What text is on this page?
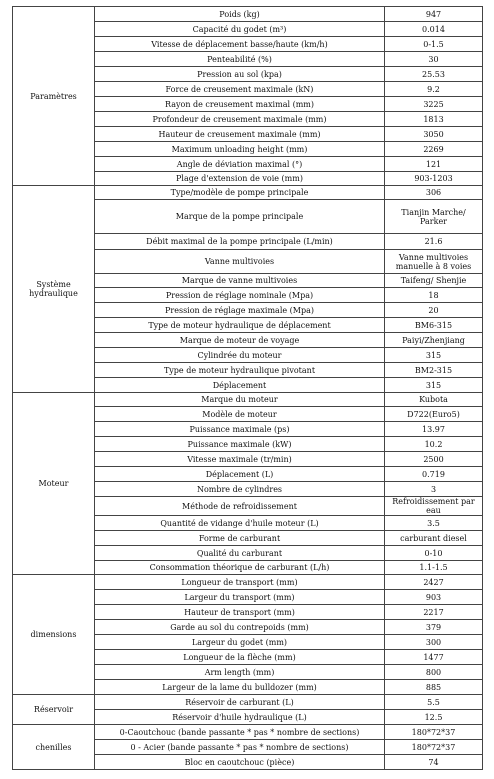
Paramètres	Poids (kg)	947
	Capacité du godet (m³)	0.014
	Vitesse de déplacement basse/haute (km/h)	0-1.5
	Penteabilité (%)	30
	Pression au sol (kpa)	25.53
	Force de creusement maximale (kN)	9.2
	Rayon de creusement maximal (mm)	3225
	Profondeur de creusement maximale (mm)	1813
	Hauteur de creusement maximale (mm)	3050
	Maximum unloading height (mm)	2269
	Angle de déviation maximal (°)	121
	Plage d'extension de voie (mm)	903-1203
Système hydraulique	Type/modèle de pompe principale	306
	Marque de la pompe principale	Tianjin Marche/ Parker
	Débit maximal de la pompe principale (L/min)	21.6
	Vanne multivoies	Vanne multivoies manuelle à 8 voies
	Marque de vanne multivoies	Taifeng/ Shenjie
	Pression de réglage nominale (Mpa)	18
	Pression de réglage maximale (Mpa)	20
	Type de moteur hydraulique de déplacement	BM6-315
	Marque de moteur de voyage	Paiyi/Zhenjiang
	Cylindrée du moteur	315
	Type de moteur hydraulique pivotant	BM2-315
	Déplacement	315
Moteur	Marque du moteur	Kubota
	Modèle de moteur	D722(Euro5)
	Puissance maximale (ps)	13.97
	Puissance maximale (kW)	10.2
	Vitesse maximale (tr/min)	2500
	Déplacement (L)	0.719
	Nombre de cylindres	3
	Méthode de refroidissement	Refroidissement par eau
	Quantité de vidange d'huile moteur (L)	3.5
	Forme de carburant	carburant diesel
	Qualité du carburant	0-10
	Consommation théorique de carburant (L/h)	1.1-1.5
dimensions	Longueur de transport (mm)	2427
	Largeur du transport (mm)	903
	Hauteur de transport (mm)	2217
	Garde au sol du contrepoids (mm)	379
	Largeur du godet (mm)	300
	Longueur de la flèche (mm)	1477
	Arm length (mm)	800
	Largeur de la lame du bulldozer (mm)	885
Réservoir	Réservoir de carburant (L)	5.5
	Réservoir d'huile hydraulique (L)	12.5
chenilles	0-Caoutchouc (bande passante * pas * nombre de sections)	180*72*37
	0 - Acier (bande passante * pas * nombre de sections)	180*72*37
	Bloc en caoutchouc (pièce)	74
